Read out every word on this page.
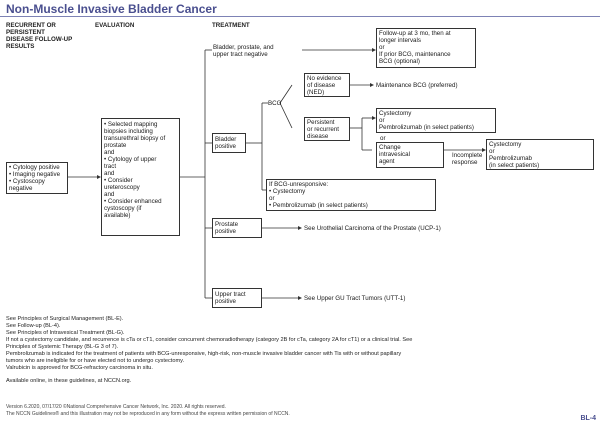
Non-Muscle Invasive Bladder Cancer
RECURRENT OR
PERSISTENT
DISEASE FOLLOW-UP
RESULTS
EVALUATION	TREATMENT
• Cytology positive
• Imaging negative
• Cystoscopy
negative
• Selected mapping
biopsies including
transurethral biopsy of
prostate
and
• Cytology of upper
tract
and
• Consider
ureteroscopy
and
• Consider enhanced
cystoscopy (if
available)
Bladder, prostate, and
upper tract negative
Follow-up at 3 mo, then at
longer intervals
or
If prior BCG, maintenance
BCG (optional)
Bladder
positive
BCG
No evidence
of disease
(NED)
Maintenance BCG (preferred)
Persistent
or recurrent
disease
Cystectomy
or
Pembrolizumab (in select patients)
or
Change
intravesical
agent
Incomplete
response
Cystectomy
or
Pembrolizumab
(in select patients)
If BCG-unresponsive:
• Cystectomy
or
• Pembrolizumab (in select patients)
Prostate
positive	See Urothelial Carcinoma of the Prostate (UCP-1)
Upper tract
positive	See Upper GU Tract Tumors (UTT-1)
See Principles of Surgical Management (BL-E).
See Follow-up (BL-4).
See Principles of Intravesical Treatment (BL-G).
If not a cystectomy candidate, and recurrence is cTa or cT1, consider concurrent chemoradiotherapy (category 2B for cTa, category 2A for cT1) or a clinical trial. See
Principles of Systemic Therapy (BL-G 3 of 7).
Pembrolizumab is indicated for the treatment of patients with BCG-unresponsive, high-risk, non-muscle invasive bladder cancer with Tis with or without papillary
tumors who are ineligible for or have elected not to undergo cystectomy.
Valrubicin is approved for BCG-refractory carcinoma in situ.
Available online, in these guidelines, at NCCN.org.
Version 6.2020, 07/17/20 ©National Comprehensive Cancer Network, Inc. 2020. All rights reserved.
The NCCN Guidelines® and this illustration may not be reproduced in any form without the express written permission of NCCN.
BL-4
